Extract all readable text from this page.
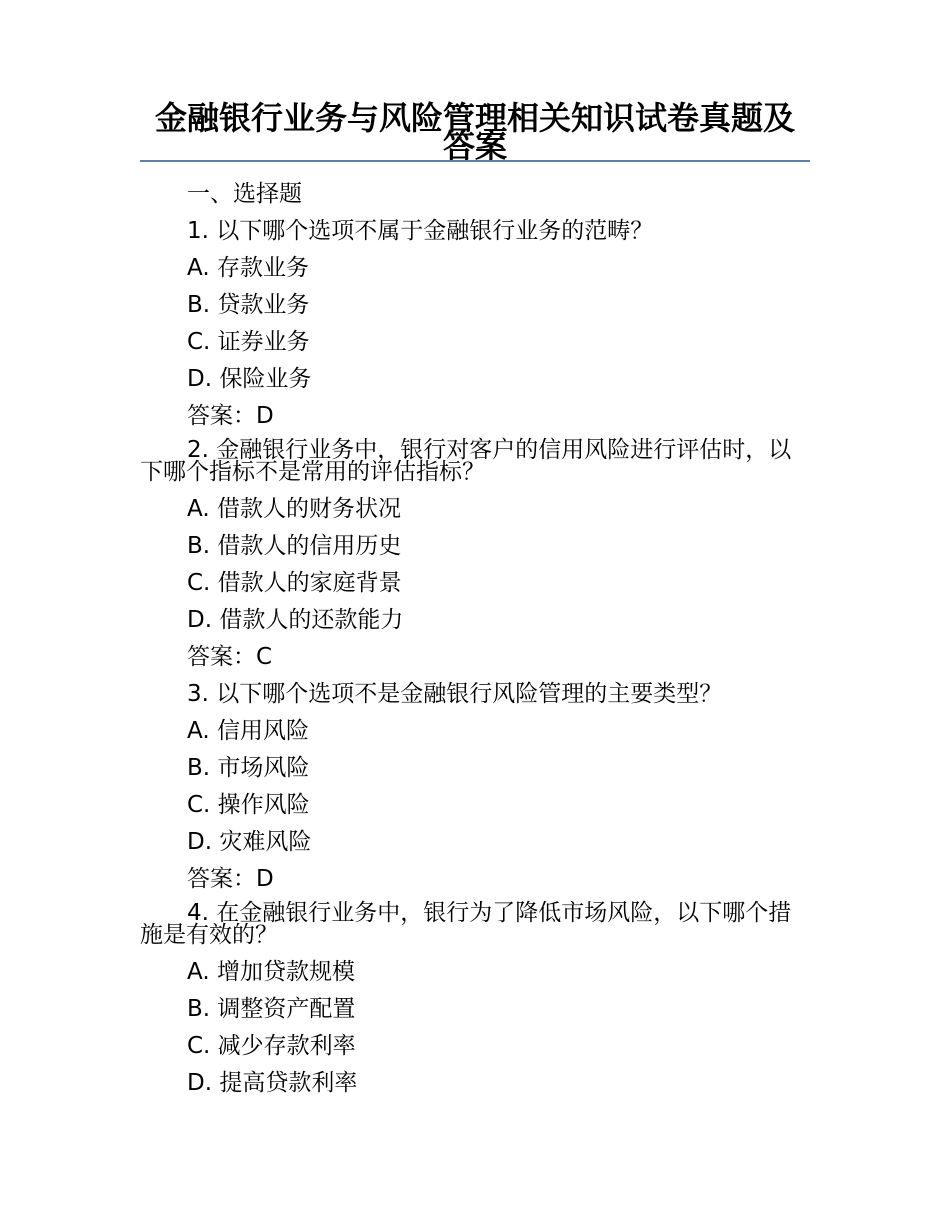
金融银行业务与风险管理相关知识试卷真题及答案

一、选择题

1. 以下哪个选项不属于金融银行业务的范畴？

A. 存款业务

B. 贷款业务

C. 证券业务

D. 保险业务

答案：D

2. 金融银行业务中，银行对客户的信用风险进行评估时，以下哪个指标不是常用的评估指标？

A. 借款人的财务状况

B. 借款人的信用历史

C. 借款人的家庭背景

D. 借款人的还款能力

答案：C

3. 以下哪个选项不是金融银行风险管理的主要类型？

A. 信用风险

B. 市场风险

C. 操作风险

D. 灾难风险

答案：D

4. 在金融银行业务中，银行为了降低市场风险，以下哪个措施是有效的？

A. 增加贷款规模

B. 调整资产配置

C. 减少存款利率

D. 提高贷款利率
